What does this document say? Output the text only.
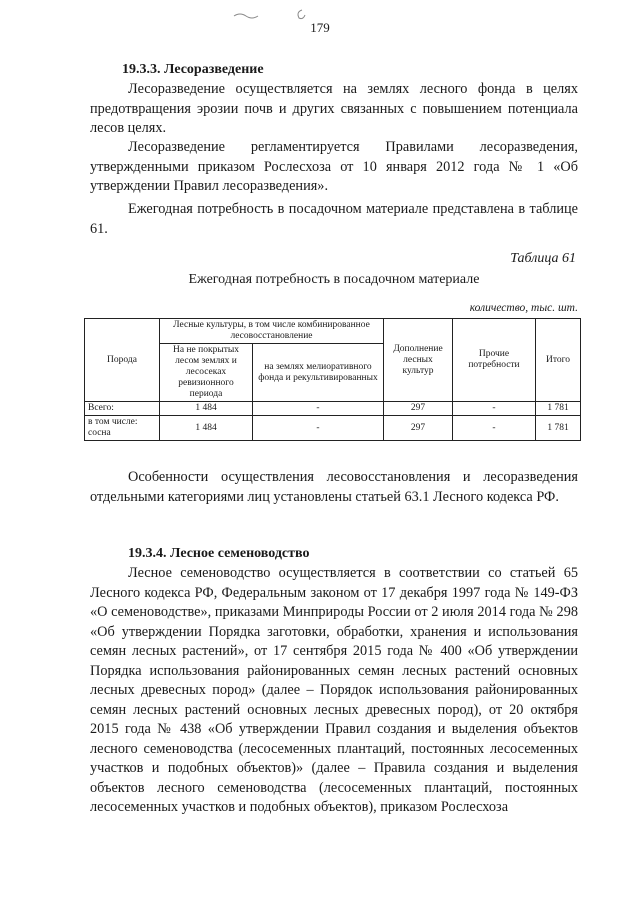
179
19.3.3. Лесоразведение
Лесоразведение осуществляется на землях лесного фонда в целях предотвращения эрозии почв и других связанных с повышением потенциала лесов целях.
Лесоразведение регламентируется Правилами лесоразведения, утвержденными приказом Рослесхоза от 10 января 2012 года № 1 «Об утверждении Правил лесоразведения».
Ежегодная потребность в посадочном материале представлена в таблице 61.
Таблица 61
Ежегодная потребность в посадочном материале
количество, тыс. шт.
Порода	Лесные культуры, в том числе комбинированное лесовосстановление		Дополнение лесных культур	Прочие потребности	Итого
	На не покрытых лесом землях и лесосеках ревизионного периода	на землях мелиоративного фонда и рекультивированных			
Всего:	1 484	-	297	-	1 781
в том числе: сосна	1 484	-	297	-	1 781
Особенности осуществления лесовосстановления и лесоразведения отдельными категориями лиц установлены статьей 63.1 Лесного кодекса РФ.
19.3.4. Лесное семеноводство
Лесное семеноводство осуществляется в соответствии со статьей 65 Лесного кодекса РФ, Федеральным законом от 17 декабря 1997 года № 149-ФЗ «О семеноводстве», приказами Минприроды России от 2 июля 2014 года № 298 «Об утверждении Порядка заготовки, обработки, хранения и использования семян лесных растений», от 17 сентября 2015 года № 400 «Об утверждении Порядка использования районированных семян лесных растений основных лесных древесных пород» (далее – Порядок использования районированных семян лесных растений основных лесных древесных пород), от 20 октября 2015 года № 438 «Об утверждении Правил создания и выделения объектов лесного семеноводства (лесосеменных плантаций, постоянных лесосеменных участков и подобных объектов)» (далее – Правила создания и выделения объектов лесного семеноводства (лесосеменных плантаций, постоянных лесосеменных участков и подобных объектов), приказом Рослесхоза
